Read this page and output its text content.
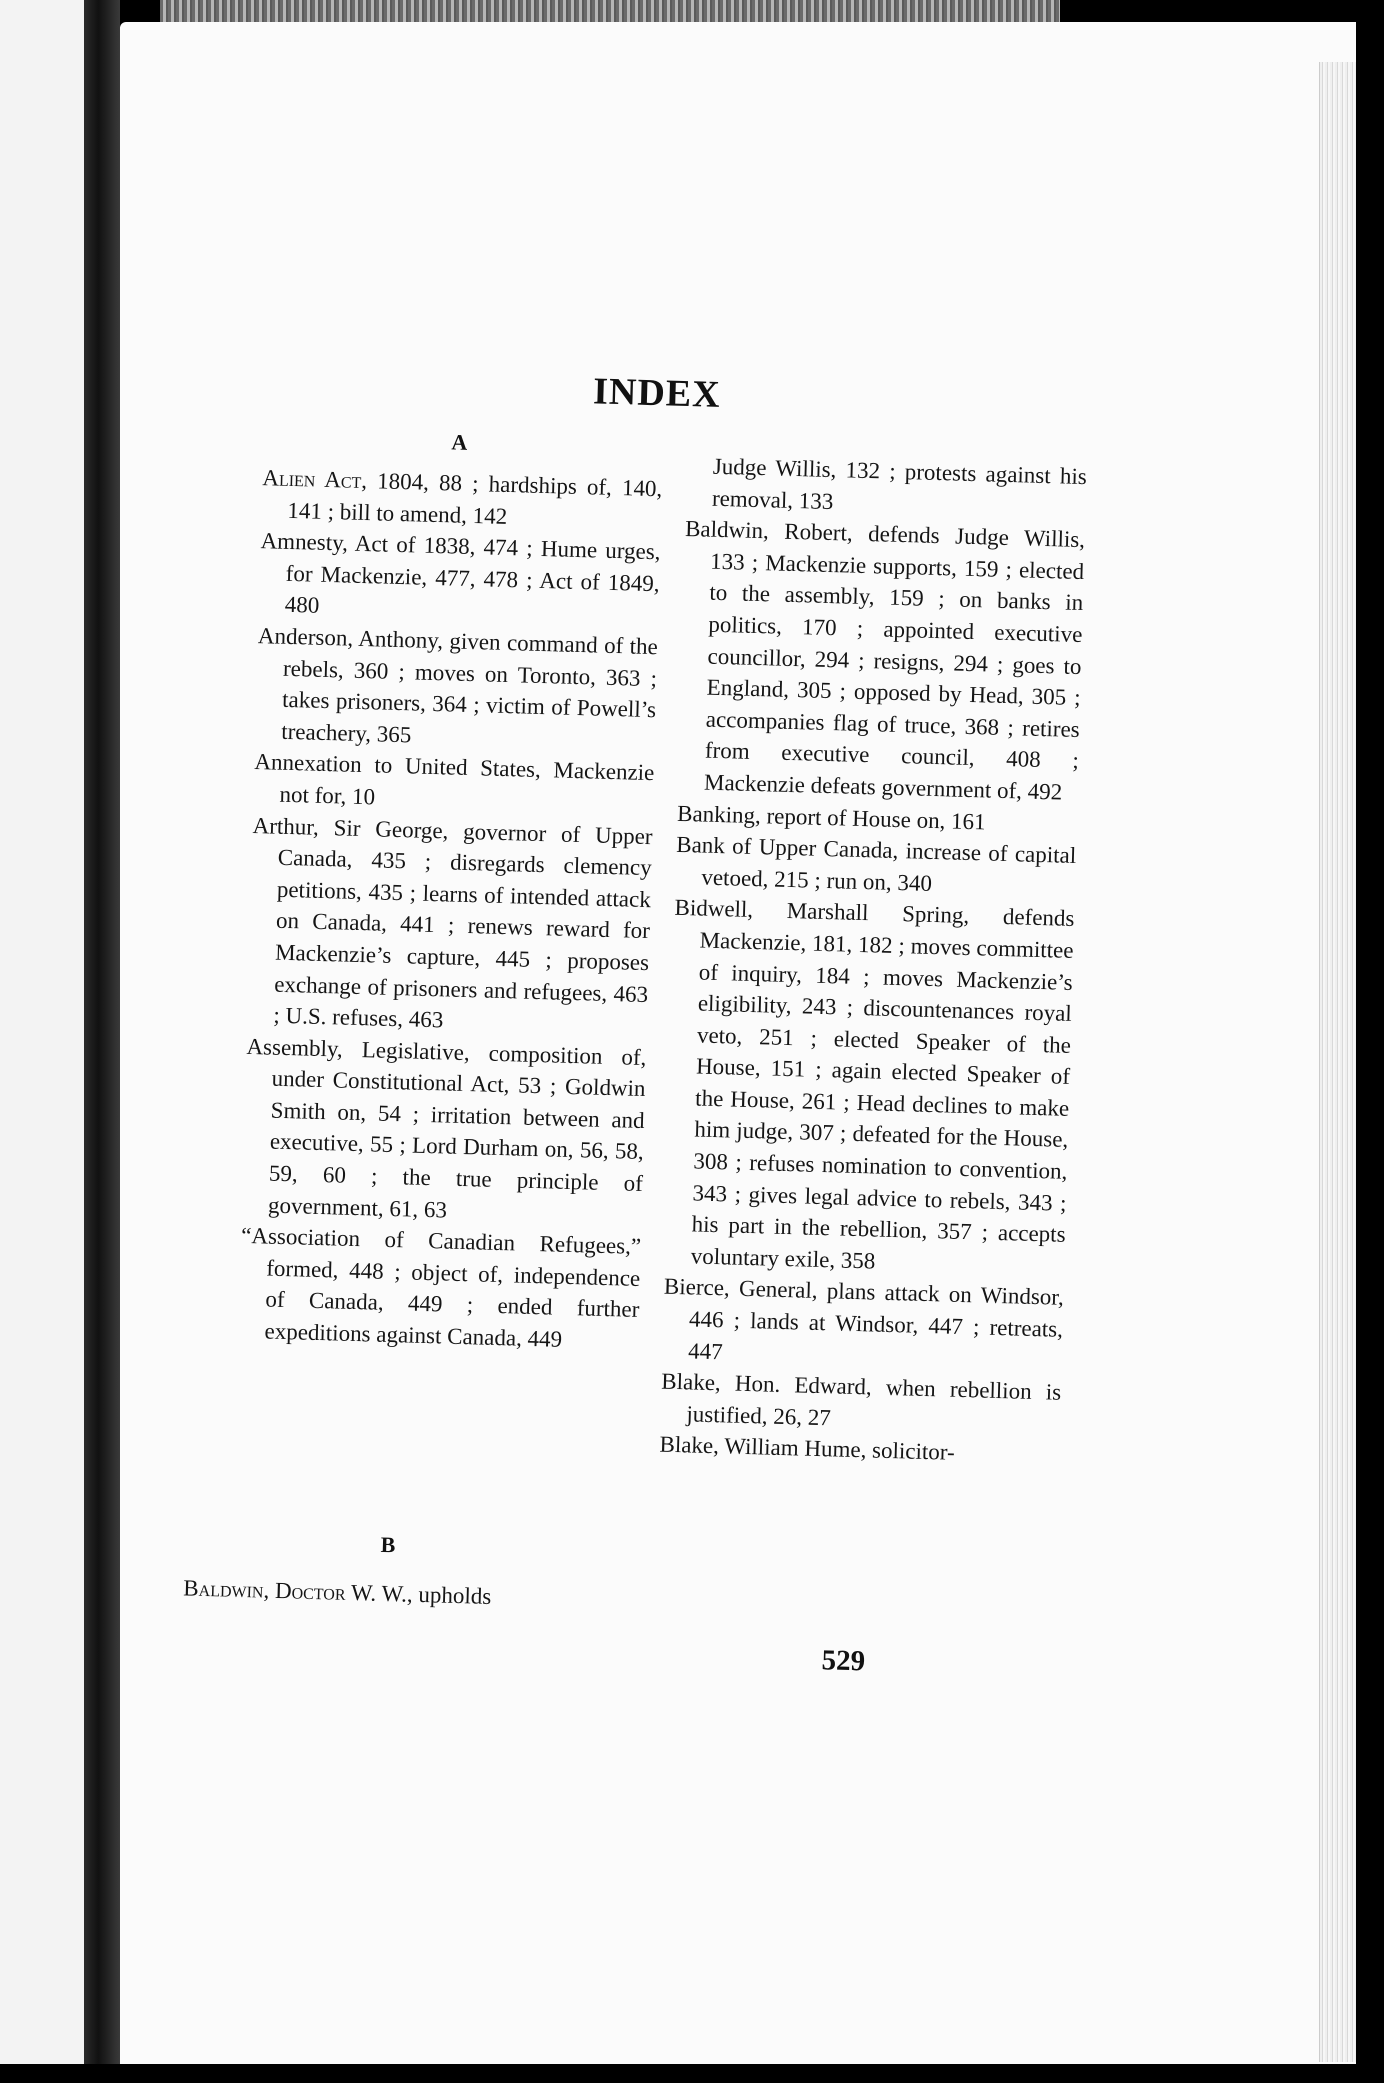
INDEX
A

Alien Act, 1804, 88 ; hardships of, 140, 141 ; bill to amend, 142

Amnesty, Act of 1838, 474 ; Hume urges, for Mackenzie, 477, 478 ; Act of 1849, 480

Anderson, Anthony, given command of the rebels, 360 ; moves on Toronto, 363 ; takes prisoners, 364 ; victim of Powell’s treachery, 365

Annexation to United States, Mackenzie not for, 10

Arthur, Sir George, governor of Upper Canada, 435 ; disregards clemency petitions, 435 ; learns of intended attack on Canada, 441 ; renews reward for Mackenzie’s capture, 445 ; proposes exchange of prisoners and refugees, 463 ; U.S. refuses, 463

Assembly, Legislative, composition of, under Constitutional Act, 53 ; Goldwin Smith on, 54 ; irritation between and executive, 55 ; Lord Durham on, 56, 58, 59, 60 ; the true principle of government, 61, 63

“Association of Canadian Refugees,” formed, 448 ; object of, independence of Canada, 449 ; ended further expeditions against Canada, 449

B

Baldwin, Doctor W. W., upholds

Judge Willis, 132 ; protests against his removal, 133

Baldwin, Robert, defends Judge Willis, 133 ; Mackenzie supports, 159 ; elected to the assembly, 159 ; on banks in politics, 170 ; appointed executive councillor, 294 ; resigns, 294 ; goes to England, 305 ; opposed by Head, 305 ; accompanies flag of truce, 368 ; retires from executive council, 408 ; Mackenzie defeats government of, 492

Banking, report of House on, 161

Bank of Upper Canada, increase of capital vetoed, 215 ; run on, 340

Bidwell, Marshall Spring, defends Mackenzie, 181, 182 ; moves committee of inquiry, 184 ; moves Mackenzie’s eligibility, 243 ; discountenances royal veto, 251 ; elected Speaker of the House, 151 ; again elected Speaker of the House, 261 ; Head declines to make him judge, 307 ; defeated for the House, 308 ; refuses nomination to convention, 343 ; gives legal advice to rebels, 343 ; his part in the rebellion, 357 ; accepts voluntary exile, 358

Bierce, General, plans attack on Windsor, 446 ; lands at Windsor, 447 ; retreats, 447

Blake, Hon. Edward, when rebellion is justified, 26, 27

Blake, William Hume, solicitor-

529
